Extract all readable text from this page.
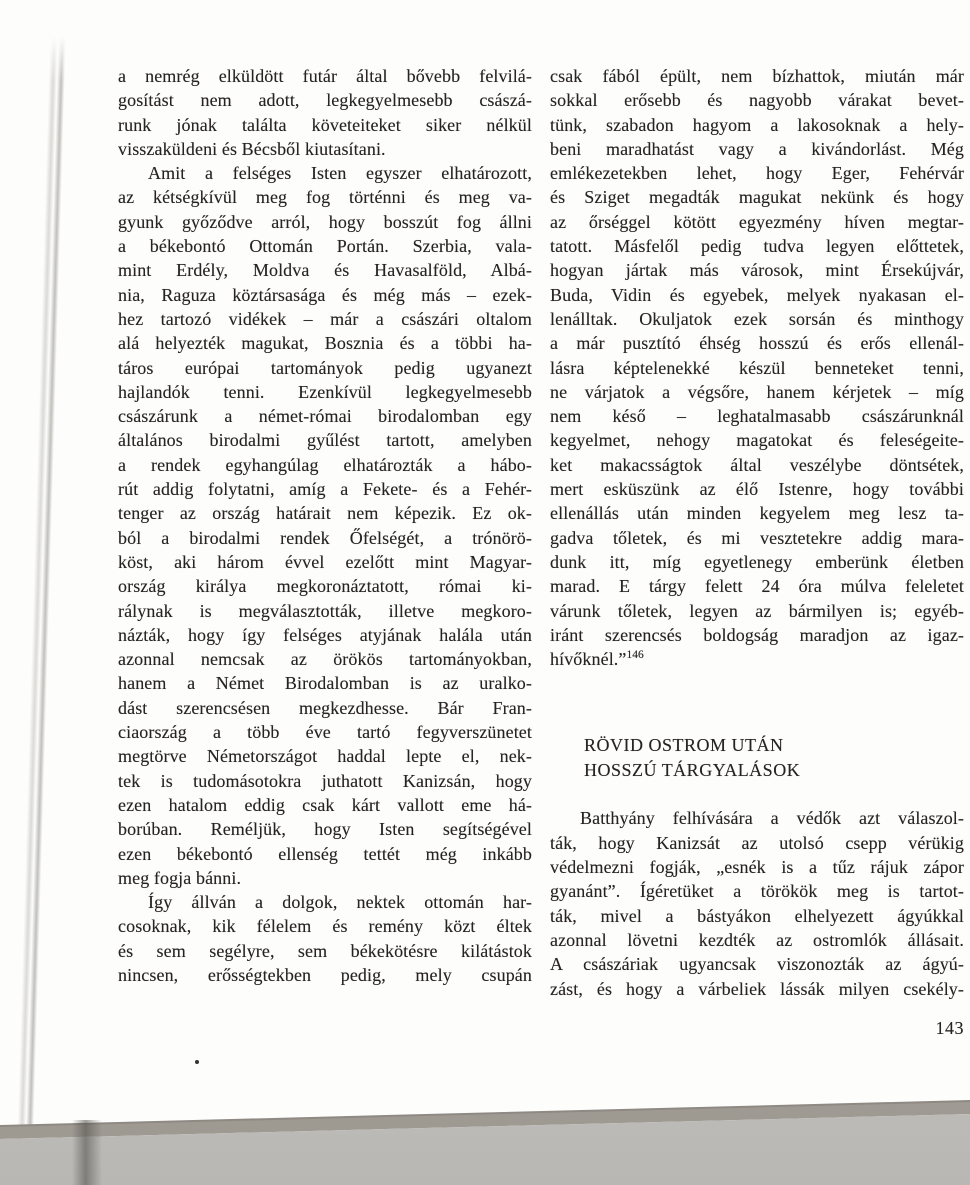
a nemrég elküldött futár által bővebb felvilá-
gosítást nem adott, legkegyelmesebb császá-
runk jónak találta követeiteket siker nélkül
visszaküldeni és Bécsből kiutasítani.
Amit a felséges Isten egyszer elhatározott,
az kétségkívül meg fog történni és meg va-
gyunk győződve arról, hogy bosszút fog állni
a békebontó Ottomán Portán. Szerbia, vala-
mint Erdély, Moldva és Havasalföld, Albá-
nia, Raguza köztársasága és még más – ezek-
hez tartozó vidékek – már a császári oltalom
alá helyezték magukat, Bosznia és a többi ha-
táros európai tartományok pedig ugyanezt
hajlandók tenni. Ezenkívül legkegyelmesebb
császárunk a német-római birodalomban egy
általános birodalmi gyűlést tartott, amelyben
a rendek egyhangúlag elhatározták a hábo-
rút addig folytatni, amíg a Fekete- és a Fehér-
tenger az ország határait nem képezik. Ez ok-
ból a birodalmi rendek Őfelségét, a trónörö-
köst, aki három évvel ezelőtt mint Magyar-
ország királya megkoronáztatott, római ki-
rálynak is megválasztották, illetve megkoro-
názták, hogy így felséges atyjának halála után
azonnal nemcsak az örökös tartományokban,
hanem a Német Birodalomban is az uralko-
dást szerencsésen megkezdhesse. Bár Fran-
ciaország a több éve tartó fegyverszünetet
megtörve Németországot haddal lepte el, nek-
tek is tudomásotokra juthatott Kanizsán, hogy
ezen hatalom eddig csak kárt vallott eme há-
borúban. Reméljük, hogy Isten segítségével
ezen békebontó ellenség tettét még inkább
meg fogja bánni.
Így állván a dolgok, nektek ottomán har-
cosoknak, kik félelem és remény közt éltek
és sem segélyre, sem békekötésre kilátástok
nincsen, erősségtekben pedig, mely csupán
csak fából épült, nem bízhattok, miután már
sokkal erősebb és nagyobb várakat bevet-
tünk, szabadon hagyom a lakosoknak a hely-
beni maradhatást vagy a kivándorlást. Még
emlékezetekben lehet, hogy Eger, Fehérvár
és Sziget megadták magukat nekünk és hogy
az őrséggel kötött egyezmény híven megtar-
tatott. Másfelől pedig tudva legyen előttetek,
hogyan jártak más városok, mint Érsekújvár,
Buda, Vidin és egyebek, melyek nyakasan el-
lenálltak. Okuljatok ezek sorsán és minthogy
a már pusztító éhség hosszú és erős ellenál-
lásra képtelenekké készül benneteket tenni,
ne várjatok a végsőre, hanem kérjetek – míg
nem késő – leghatalmasabb császárunknál
kegyelmet, nehogy magatokat és feleségeite-
ket makacsságtok által veszélybe döntsétek,
mert esküszünk az élő Istenre, hogy további
ellenállás után minden kegyelem meg lesz ta-
gadva tőletek, és mi vesztetekre addig mara-
dunk itt, míg egyetlenegy emberünk életben
marad. E tárgy felett 24 óra múlva feleletet
várunk tőletek, legyen az bármilyen is; egyéb-
iránt szerencsés boldogság maradjon az igaz-
hívőknél.”$^{146}$
RÖVID OSTROM UTÁN
HOSSZÚ TÁRGYALÁSOK
Batthyány felhívására a védők azt válaszol-
ták, hogy Kanizsát az utolsó csepp vérükig
védelmezni fogják, „esnék is a tűz rájuk zápor
gyanánt”. Ígéretüket a törökök meg is tartot-
ták, mivel a bástyákon elhelyezett ágyúkkal
azonnal lövetni kezdték az ostromlók állásait.
A császáriak ugyancsak viszonozták az ágyú-
zást, és hogy a várbeliek lássák milyen csekély-
143
